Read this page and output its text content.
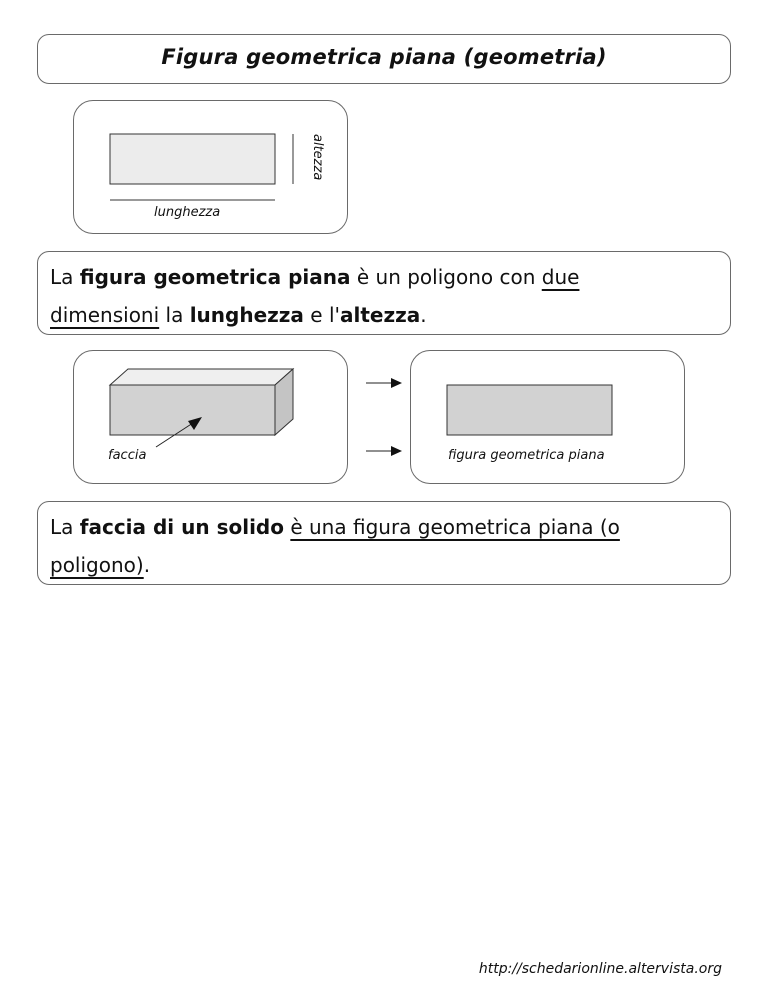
Figura geometrica piana (geometria)
lunghezza
altezza

La figura geometrica piana è un poligono con due dimensioni la lunghezza e l'altezza.

faccia	figura geometrica piana

La faccia di un solido è una figura geometrica piana (o poligono).

http://schedarionline.altervista.org
